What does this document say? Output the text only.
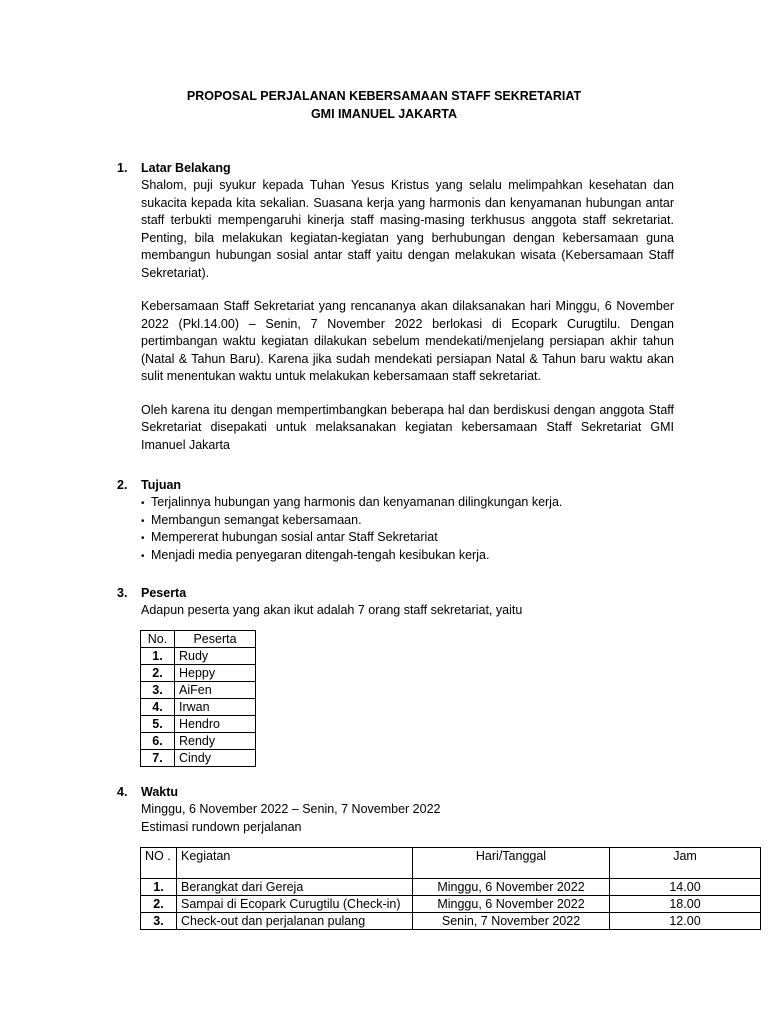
PROPOSAL PERJALANAN KEBERSAMAAN STAFF SEKRETARIAT
GMI IMANUEL JAKARTA
1. Latar Belakang

Shalom, puji syukur kepada Tuhan Yesus Kristus yang selalu melimpahkan kesehatan dan sukacita kepada kita sekalian. Suasana kerja yang harmonis dan kenyamanan hubungan antar staff terbukti mempengaruhi kinerja staff masing-masing terkhusus anggota staff sekretariat. Penting, bila melakukan kegiatan-kegiatan yang berhubungan dengan kebersamaan guna membangun hubungan sosial antar staff yaitu dengan melakukan wisata (Kebersamaan Staff Sekretariat).

Kebersamaan Staff Sekretariat yang rencananya akan dilaksanakan hari Minggu, 6 November 2022 (Pkl.14.00) – Senin, 7 November 2022 berlokasi di Ecopark Curugtilu. Dengan pertimbangan waktu kegiatan dilakukan sebelum mendekati/menjelang persiapan akhir tahun (Natal & Tahun Baru). Karena jika sudah mendekati persiapan Natal & Tahun baru waktu akan sulit menentukan waktu untuk melakukan kebersamaan staff sekretariat.

Oleh karena itu dengan mempertimbangkan beberapa hal dan berdiskusi dengan anggota Staff Sekretariat disepakati untuk melaksanakan kegiatan kebersamaan Staff Sekretariat GMI Imanuel Jakarta

2. Tujuan
• Terjalinnya hubungan yang harmonis dan kenyamanan dilingkungan kerja.
• Membangun semangat kebersamaan.
• Mempererat hubungan sosial antar Staff Sekretariat
• Menjadi media penyegaran ditengah-tengah kesibukan kerja.
3. Peserta
Adapun peserta yang akan ikut adalah 7 orang staff sekretariat, yaitu
No.	Peserta
1.	Rudy
2.	Heppy
3.	AiFen
4.	Irwan
5.	Hendro
6.	Rendy
7.	Cindy
4. Waktu
Minggu, 6 November 2022 – Senin, 7 November 2022
Estimasi rundown perjalanan
NO .	Kegiatan	Hari/Tanggal	Jam
1.	Berangkat dari Gereja	Minggu, 6 November 2022	14.00
2.	Sampai di Ecopark Curugtilu (Check-in)	Minggu, 6 November 2022	18.00
3.	Check-out dan perjalanan pulang	Senin, 7 November 2022	12.00
